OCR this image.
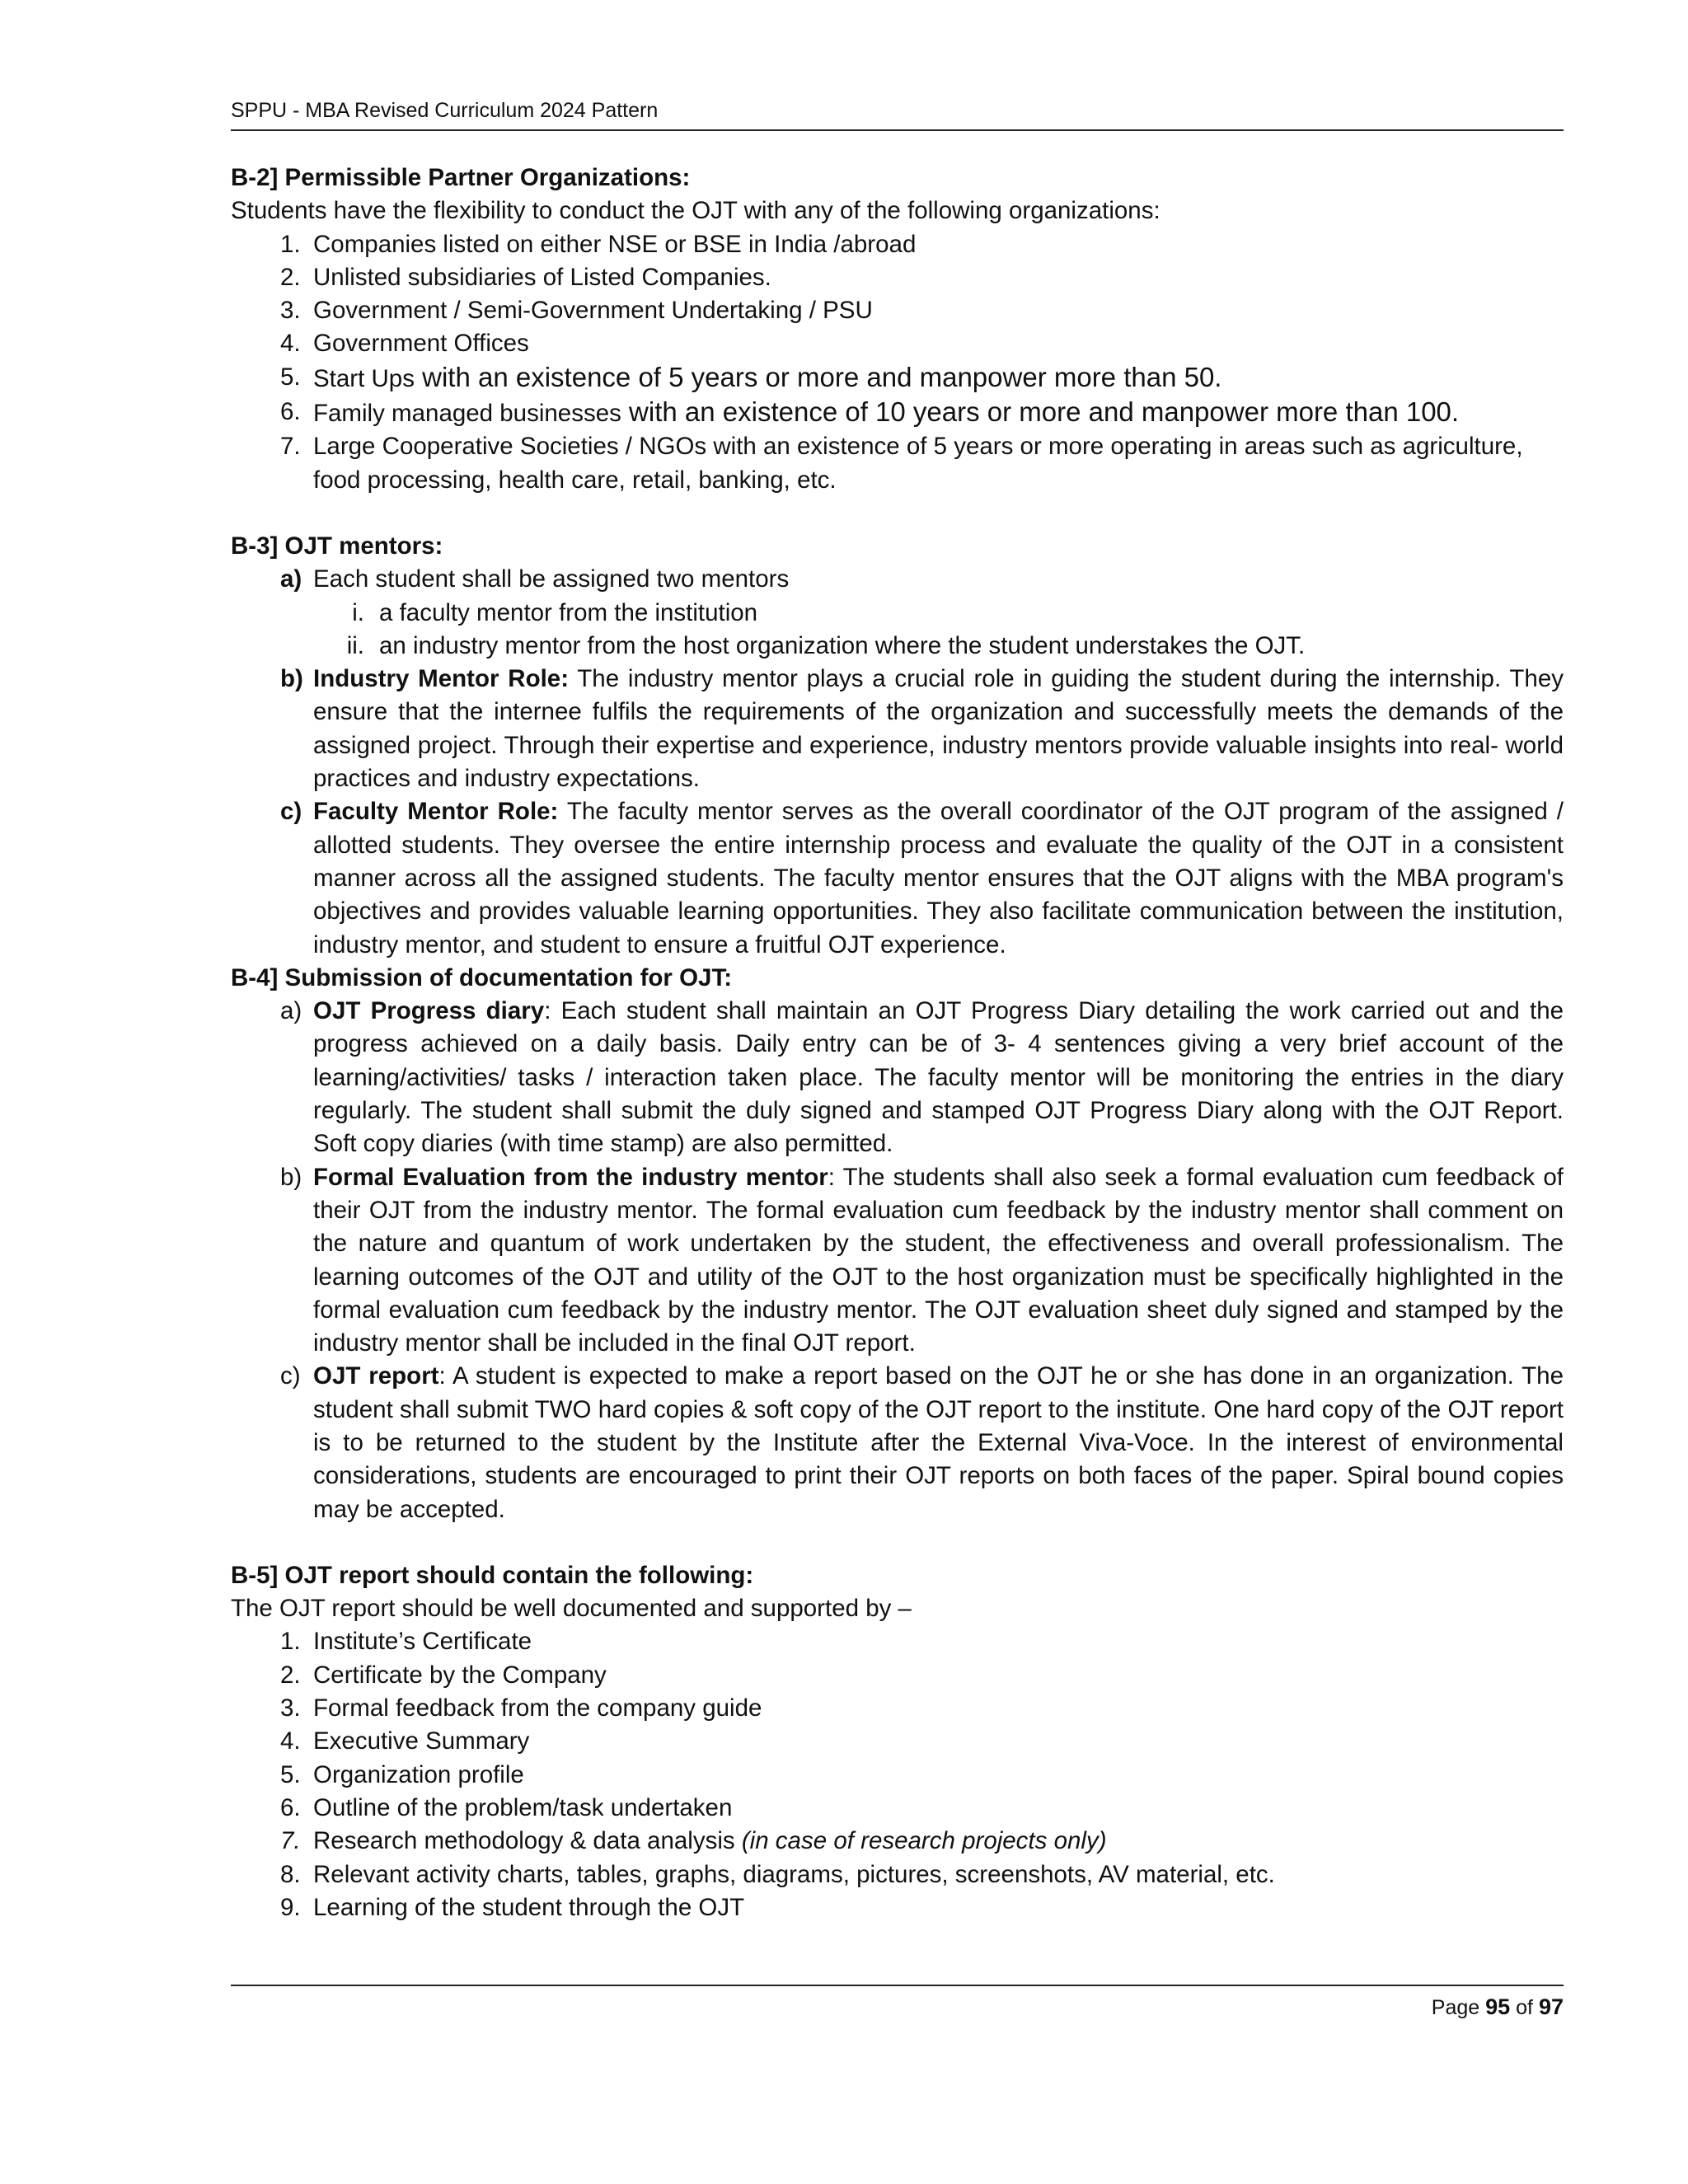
SPPU - MBA Revised Curriculum 2024 Pattern

B-2] Permissible Partner Organizations:

Students have the flexibility to conduct the OJT with any of the following organizations:

1. Companies listed on either NSE or BSE in India /abroad
2. Unlisted subsidiaries of Listed Companies.
3. Government / Semi-Government Undertaking / PSU
4. Government Offices
5. Start Ups with an existence of 5 years or more and manpower more than 50.
6. Family managed businesses with an existence of 10 years or more and manpower more than 100.
7. Large Cooperative Societies / NGOs with an existence of 5 years or more operating in areas such as agriculture, food processing, health care, retail, banking, etc.

B-3] OJT mentors:

a) Each student shall be assigned two mentors
i. a faculty mentor from the institution
ii. an industry mentor from the host organization where the student understakes the OJT.
b) Industry Mentor Role: The industry mentor plays a crucial role in guiding the student during the internship. They ensure that the internee fulfils the requirements of the organization and successfully meets the demands of the assigned project. Through their expertise and experience, industry mentors provide valuable insights into real- world practices and industry expectations.
c) Faculty Mentor Role: The faculty mentor serves as the overall coordinator of the OJT program of the assigned / allotted students. They oversee the entire internship process and evaluate the quality of the OJT in a consistent manner across all the assigned students. The faculty mentor ensures that the OJT aligns with the MBA program's objectives and provides valuable learning opportunities. They also facilitate communication between the institution, industry mentor, and student to ensure a fruitful OJT experience.

B-4] Submission of documentation for OJT:

a) OJT Progress diary: Each student shall maintain an OJT Progress Diary detailing the work carried out and the progress achieved on a daily basis. Daily entry can be of 3- 4 sentences giving a very brief account of the learning/activities/ tasks / interaction taken place. The faculty mentor will be monitoring the entries in the diary regularly. The student shall submit the duly signed and stamped OJT Progress Diary along with the OJT Report. Soft copy diaries (with time stamp) are also permitted.
b) Formal Evaluation from the industry mentor: The students shall also seek a formal evaluation cum feedback of their OJT from the industry mentor. The formal evaluation cum feedback by the industry mentor shall comment on the nature and quantum of work undertaken by the student, the effectiveness and overall professionalism. The learning outcomes of the OJT and utility of the OJT to the host organization must be specifically highlighted in the formal evaluation cum feedback by the industry mentor. The OJT evaluation sheet duly signed and stamped by the industry mentor shall be included in the final OJT report.
c) OJT report: A student is expected to make a report based on the OJT he or she has done in an organization. The student shall submit TWO hard copies & soft copy of the OJT report to the institute. One hard copy of the OJT report is to be returned to the student by the Institute after the External Viva-Voce. In the interest of environmental considerations, students are encouraged to print their OJT reports on both faces of the paper. Spiral bound copies may be accepted.

B-5] OJT report should contain the following:

The OJT report should be well documented and supported by –

1. Institute’s Certificate
2. Certificate by the Company
3. Formal feedback from the company guide
4. Executive Summary
5. Organization profile
6. Outline of the problem/task undertaken
7. Research methodology & data analysis (in case of research projects only)
8. Relevant activity charts, tables, graphs, diagrams, pictures, screenshots, AV material, etc.
9. Learning of the student through the OJT
Page 95 of 97
